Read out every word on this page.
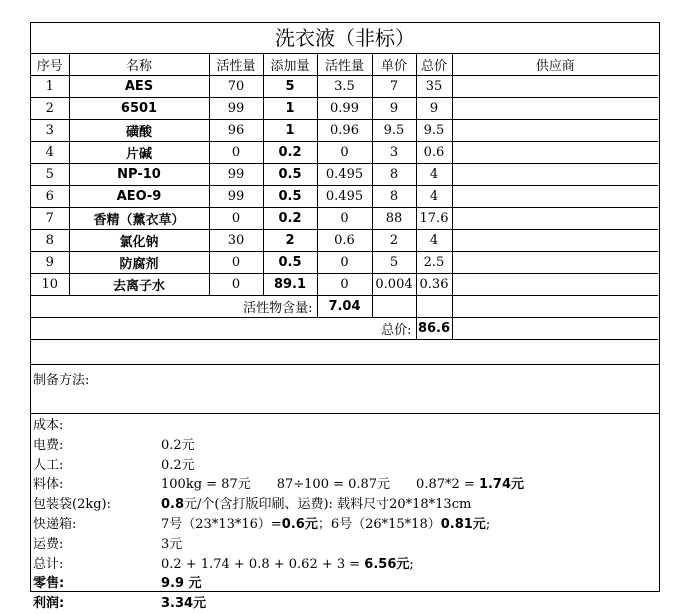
洗衣液（非标）
序号	名称	活性量	添加量	活性量	单价	总价	供应商
1	AES	70	5	3.5	7	35	
2	6501	99	1	0.99	9	9	
3	磺酸	96	1	0.96	9.5	9.5	
4	片碱	0	0.2	0	3	0.6	
5	NP-10	99	0.5	0.495	8	4	
6	AEO-9	99	0.5	0.495	8	4	
7	香精（薰衣草）	0	0.2	0	88	17.6	
8	氯化钠	30	2	0.6	2	4	
9	防腐剂	0	0.5	0	5	2.5	
10	去离子水	0	89.1	0	0.004	0.36	
活性物含量:				7.04			
总价:						86.6	
制备方法:
成本:
电费:	0.2元
人工:	0.2元
料体:	100kg = 87元　　87÷100 = 0.87元　　0.87*2 = 1.74元
包装袋(2kg):	0.8元/个(含打版印刷、运费): 载料尺寸20*18*13cm
快递箱:	7号（23*13*16）=0.6元；6号（26*15*18）0.81元;
运费:	3元
总计:	0.2 + 1.74 + 0.8 + 0.62 + 3 = 6.56元;
零售:	9.9 元
利润:	3.34元
